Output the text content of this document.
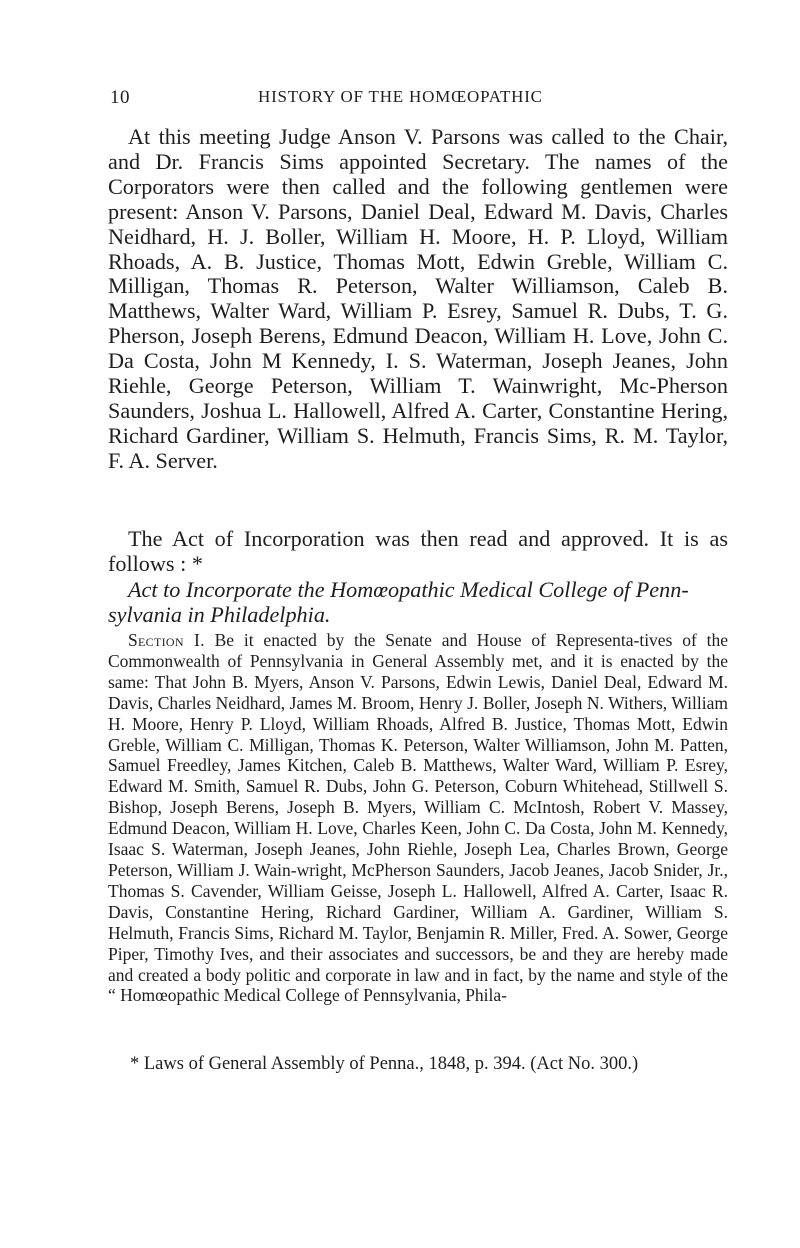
10	HISTORY OF THE HOMŒOPATHIC

At this meeting Judge Anson V. Parsons was called to the Chair, and Dr. Francis Sims appointed Secretary. The names of the Corporators were then called and the following gentlemen were present: Anson V. Parsons, Daniel Deal, Edward M. Davis, Charles Neidhard, H. J. Boller, William H. Moore, H. P. Lloyd, William Rhoads, A. B. Justice, Thomas Mott, Edwin Greble, William C. Milligan, Thomas R. Peterson, Walter Williamson, Caleb B. Matthews, Walter Ward, William P. Esrey, Samuel R. Dubs, T. G. Pherson, Joseph Berens, Edmund Deacon, William H. Love, John C. Da Costa, John M Kennedy, I. S. Waterman, Joseph Jeanes, John Riehle, George Peterson, William T. Wainwright, Mc-Pherson Saunders, Joshua L. Hallowell, Alfred A. Carter, Constantine Hering, Richard Gardiner, William S. Helmuth, Francis Sims, R. M. Taylor, F. A. Server.

The Act of Incorporation was then read and approved. It is as follows : *

Act to Incorporate the Homœopathic Medical College of Penn-sylvania in Philadelphia.

Section I. Be it enacted by the Senate and House of Representa-tives of the Commonwealth of Pennsylvania in General Assembly met, and it is enacted by the same: That John B. Myers, Anson V. Parsons, Edwin Lewis, Daniel Deal, Edward M. Davis, Charles Neidhard, James M. Broom, Henry J. Boller, Joseph N. Withers, William H. Moore, Henry P. Lloyd, William Rhoads, Alfred B. Justice, Thomas Mott, Edwin Greble, William C. Milligan, Thomas K. Peterson, Walter Williamson, John M. Patten, Samuel Freedley, James Kitchen, Caleb B. Matthews, Walter Ward, William P. Esrey, Edward M. Smith, Samuel R. Dubs, John G. Peterson, Coburn Whitehead, Stillwell S. Bishop, Joseph Berens, Joseph B. Myers, William C. McIntosh, Robert V. Massey, Edmund Deacon, William H. Love, Charles Keen, John C. Da Costa, John M. Kennedy, Isaac S. Waterman, Joseph Jeanes, John Riehle, Joseph Lea, Charles Brown, George Peterson, William J. Wain-wright, McPherson Saunders, Jacob Jeanes, Jacob Snider, Jr., Thomas S. Cavender, William Geisse, Joseph L. Hallowell, Alfred A. Carter, Isaac R. Davis, Constantine Hering, Richard Gardiner, William A. Gardiner, William S. Helmuth, Francis Sims, Richard M. Taylor, Benjamin R. Miller, Fred. A. Sower, George Piper, Timothy Ives, and their associates and successors, be and they are hereby made and created a body politic and corporate in law and in fact, by the name and style of the “ Homœopathic Medical College of Pennsylvania, Phila-

* Laws of General Assembly of Penna., 1848, p. 394. (Act No. 300.)
